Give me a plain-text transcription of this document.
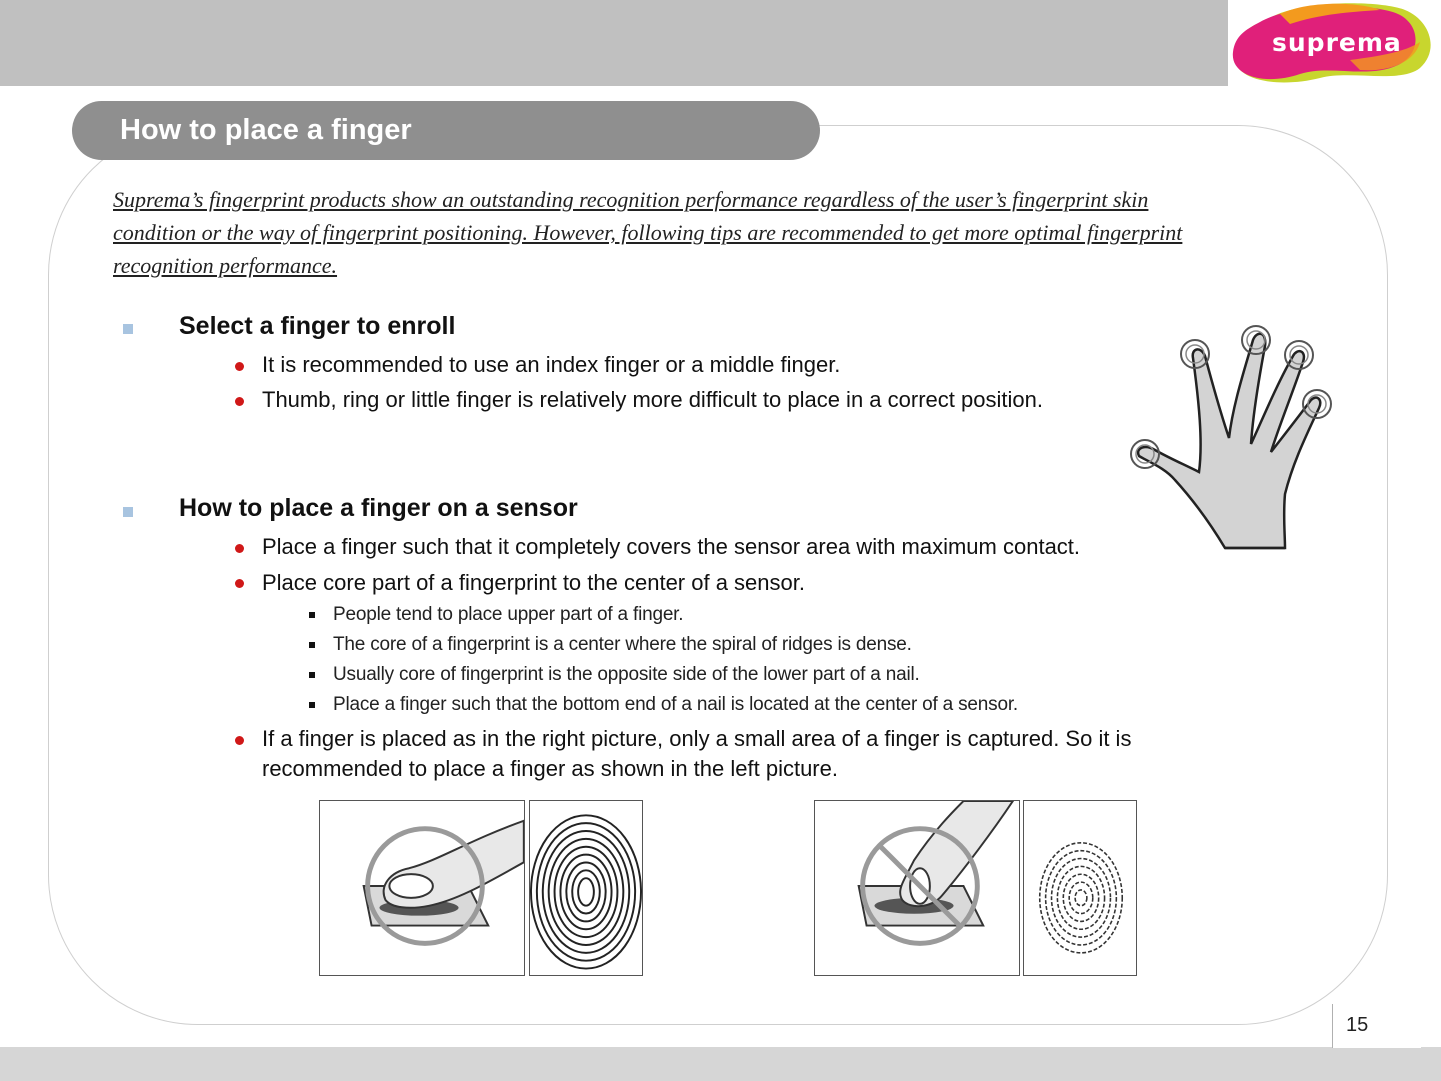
suprema
How to place a finger

Suprema’s fingerprint products show an outstanding recognition performance regardless of the user’s fingerprint skin condition or the way of fingerprint positioning. However, following tips are recommended to get more optimal fingerprint recognition performance.

Select a finger to enroll
It is recommended to use an index finger or a middle finger.
Thumb, ring or little finger is relatively more difficult to place in a correct position.
How to place a finger on a sensor
Place a finger such that it completely covers the sensor area with maximum contact.
Place core part of a fingerprint to the center of a sensor.
People tend to place upper part of a finger.
The core of a fingerprint is a center where the spiral of ridges is dense.
Usually core of fingerprint is the opposite side of the lower part of a nail.
Place a finger such that the bottom end of a nail is located at the center of a sensor.
If a finger is placed as in the right picture, only a small area of a finger is captured. So it is
recommended to place a finger as shown in the left picture.
15
